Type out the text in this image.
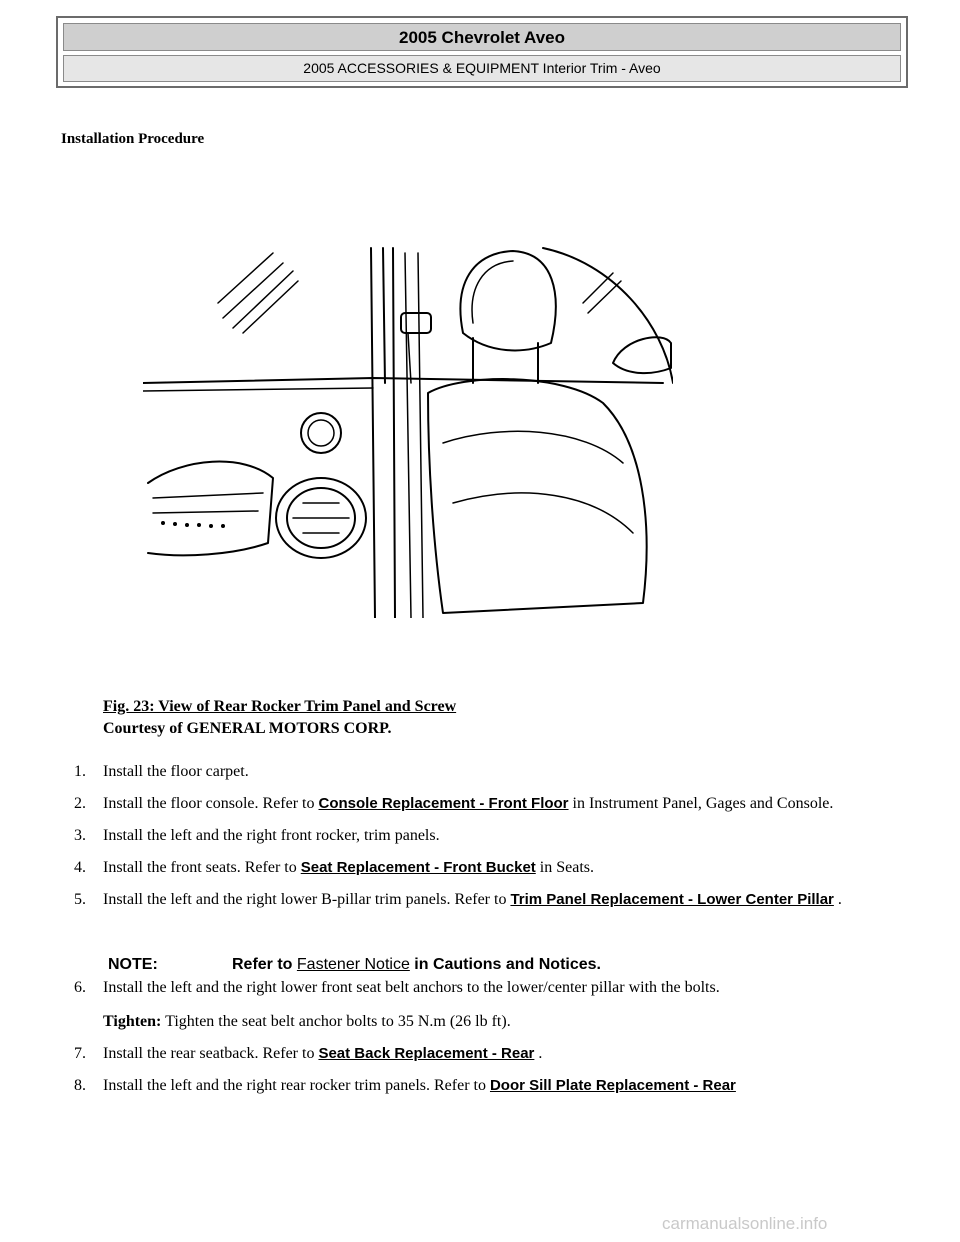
2005 Chevrolet Aveo
2005 ACCESSORIES & EQUIPMENT Interior Trim - Aveo
Installation Procedure
Fig. 23: View of Rear Rocker Trim Panel and Screw
Courtesy of GENERAL MOTORS CORP.
1. Install the floor carpet.
2. Install the floor console. Refer to Console Replacement - Front Floor in Instrument Panel, Gages and Console.
3. Install the left and the right front rocker, trim panels.
4. Install the front seats. Refer to Seat Replacement - Front Bucket in Seats.
5. Install the left and the right lower B-pillar trim panels. Refer to Trim Panel Replacement - Lower Center Pillar .
6. Install the left and the right lower front seat belt anchors to the lower/center pillar with the bolts.
Tighten: Tighten the seat belt anchor bolts to 35 N.m (26 lb ft).
7. Install the rear seatback. Refer to Seat Back Replacement - Rear .
8. Install the left and the right rear rocker trim panels. Refer to Door Sill Plate Replacement - Rear
NOTE:	Refer to Fastener Notice in Cautions and Notices.
carmanualsonline.info
